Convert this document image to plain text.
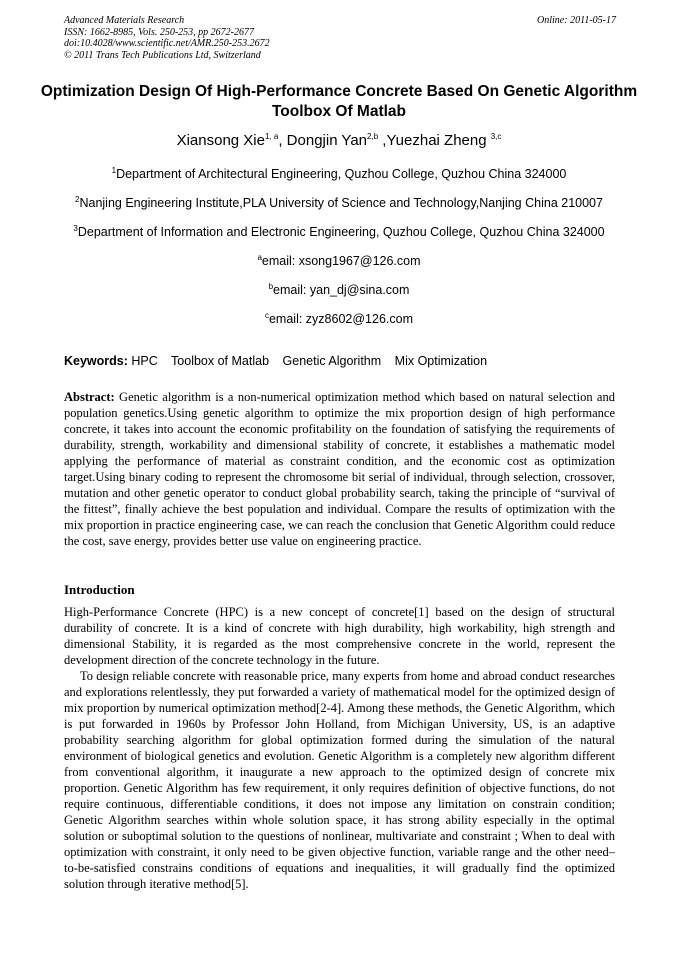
Advanced Materials Research
ISSN: 1662-8985, Vols. 250-253, pp 2672-2677
doi:10.4028/www.scientific.net/AMR.250-253.2672
© 2011 Trans Tech Publications Ltd, Switzerland
Online: 2011-05-17
Optimization Design Of High-Performance Concrete Based On Genetic Algorithm Toolbox Of Matlab
Xiansong Xie$^{1, a}$, Dongjin Yan$^{2,b}$ ,Yuezhai Zheng $^{3,c}$
$^1$Department of Architectural Engineering, Quzhou College, Quzhou China 324000
$^2$Nanjing Engineering Institute,PLA University of Science and Technology,Nanjing China 210007
$^3$Department of Information and Electronic Engineering, Quzhou College, Quzhou China 324000
$^a$email: xsong1967@126.com
$^b$email: yan_dj@sina.com
$^c$email: zyz8602@126.com
Keywords: HPC Toolbox of Matlab Genetic Algorithm Mix Optimization

Abstract: Genetic algorithm is a non-numerical optimization method which based on natural selection and population genetics.Using genetic algorithm to optimize the mix proportion design of high performance concrete, it takes into account the economic profitability on the foundation of satisfying the requirements of durability, strength, workability and dimensional stability of concrete, it establishes a mathematic model applying the performance of material as constraint condition, and the economic cost as optimization target.Using binary coding to represent the chromosome bit serial of individual, through selection, crossover, mutation and other genetic operator to conduct global probability search, taking the principle of “survival of the fittest”, finally achieve the best population and individual. Compare the results of optimization with the mix proportion in practice engineering case, we can reach the conclusion that Genetic Algorithm could reduce the cost, save energy, provides better use value on engineering practice.

Introduction

High-Performance Concrete (HPC) is a new concept of concrete[1] based on the design of structural durability of concrete. It is a kind of concrete with high durability, high workability, high strength and dimensional Stability, it is regarded as the most comprehensive concrete in the world, represent the development direction of the concrete technology in the future.

To design reliable concrete with reasonable price, many experts from home and abroad conduct researches and explorations relentlessly, they put forwarded a variety of mathematical model for the optimized design of mix proportion by numerical optimization method[2-4]. Among these methods, the Genetic Algorithm, which is put forwarded in 1960s by Professor John Holland, from Michigan University, US, is an adaptive probability searching algorithm for global optimization formed during the simulation of the natural environment of biological genetics and evolution. Genetic Algorithm is a completely new algorithm different from conventional algorithm, it inaugurate a new approach to the optimized design of concrete mix proportion. Genetic Algorithm has few requirement, it only requires definition of objective functions, do not require continuous, differentiable conditions, it does not impose any limitation on constrain condition; Genetic Algorithm searches within whole solution space, it has strong ability especially in the optimal solution or suboptimal solution to the questions of nonlinear, multivariate and constraint ; When to deal with optimization with constraint, it only need to be given objective function, variable range and the other need–to-be-satisfied constrains conditions of equations and inequalities, it will gradually find the optimized solution through iterative method[5].
